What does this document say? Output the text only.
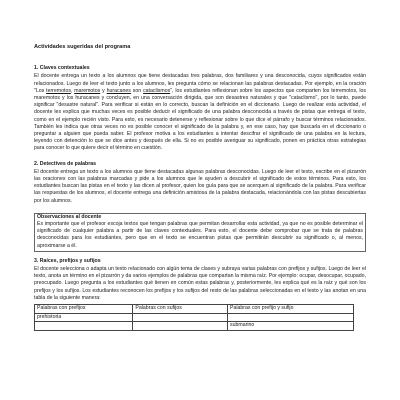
Actividades sugeridas del programa
1. Claves contextuales
El docente entrega un texto a los alumnos que tiene destacadas tres palabras, dos familiares y una desconocida, cuyos significados están relacionados. Luego de leer el texto junto a los alumnos, les pregunta cómo se relacionan las palabras destacadas. Por ejemplo, en la oración "Los terremotos, maremotos y huracanes son cataclismos", los estudiantes reflexionan sobre los aspectos que comparten los terremotos, los maremotos y los huracanes y concluyen, en una conversación dirigida, que son desastres naturales y que "cataclismo", por lo tanto, puede significar "desastre natural". Para verificar si están en lo correcto, buscan la definición en el diccionario. Luego de realizar esta actividad, el docente les explica que muchas veces es posible deducir el significado de una palabra desconocida a través de pistas que entrega el texto, como en el ejemplo recién visto. Para esto, es necesario detenerse y reflexionar sobre lo que dice el párrafo y buscar términos relacionados. También les indica que otras veces no es posible conocer el significado de la palabra y, en ese caso, hay que buscarla en el diccionario o preguntar a alguien que pueda saber. El profesor motiva a los estudiantes a intentar descifrar el significado de una palabra en la lectura, leyendo con detención lo que se dice antes y después de ella. Si no es posible averiguar su significado, ponen en práctica otras estrategias para conocer lo que quiere decir el término en cuestión.
2. Detectives de palabras
El docente entrega un texto a los alumnos que tiene destacadas algunas palabras desconocidas. Luego de leer el texto, escribe en el pizarrón las oraciones con las palabras marcadas y pide a los alumnos que le ayuden a descubrir el significado de estos términos. Para esto, los estudiantes buscan las pistas en el texto y las dicen al profesor, quien los guía para que se acerquen al significado de la palabra. Para verificar las respuestas de los alumnos, el docente entrega una definición amistosa de la palabra destacada, relacionándola con las pistas descubiertas por los alumnos.
Observaciones al docente
Es importante que el profesor escoja textos que tengan palabras que permitan desarrollar esta actividad, ya que no es posible determinar el significado de cualquier palabra a partir de las claves contextuales. Para esto, el docente debe comprobar que se trata de palabras desconocidas para los estudiantes, pero que en el texto se encuentran pistas que permitirán descubrir su significado o, al menos, aproximarse a él.
3. Raíces, prefijos y sufijos
El docente selecciona o adapta un texto relacionado con algún tema de clases y subraya varias palabras con prefijos y sufijos. Luego de leer el texto, anota un término en el pizarrón y da varios ejemplos de palabras que compartan la misma raíz. Por ejemplo: ocupar, desocupar, ocupado, preocupado. Luego pregunta a los estudiantes qué tienen en común estas palabras y, posteriormente, les explica qué es la raíz y qué son los prefijos y los sufijos. Los estudiantes reconocen los prefijos y los sufijos del resto de las palabras seleccionadas en el texto y las anotan en una tabla de la siguiente manera:
Palabras con prefijos	Palabras con sufijos	Palabras con prefijo y sufijo
prehistoria		
		submarino
